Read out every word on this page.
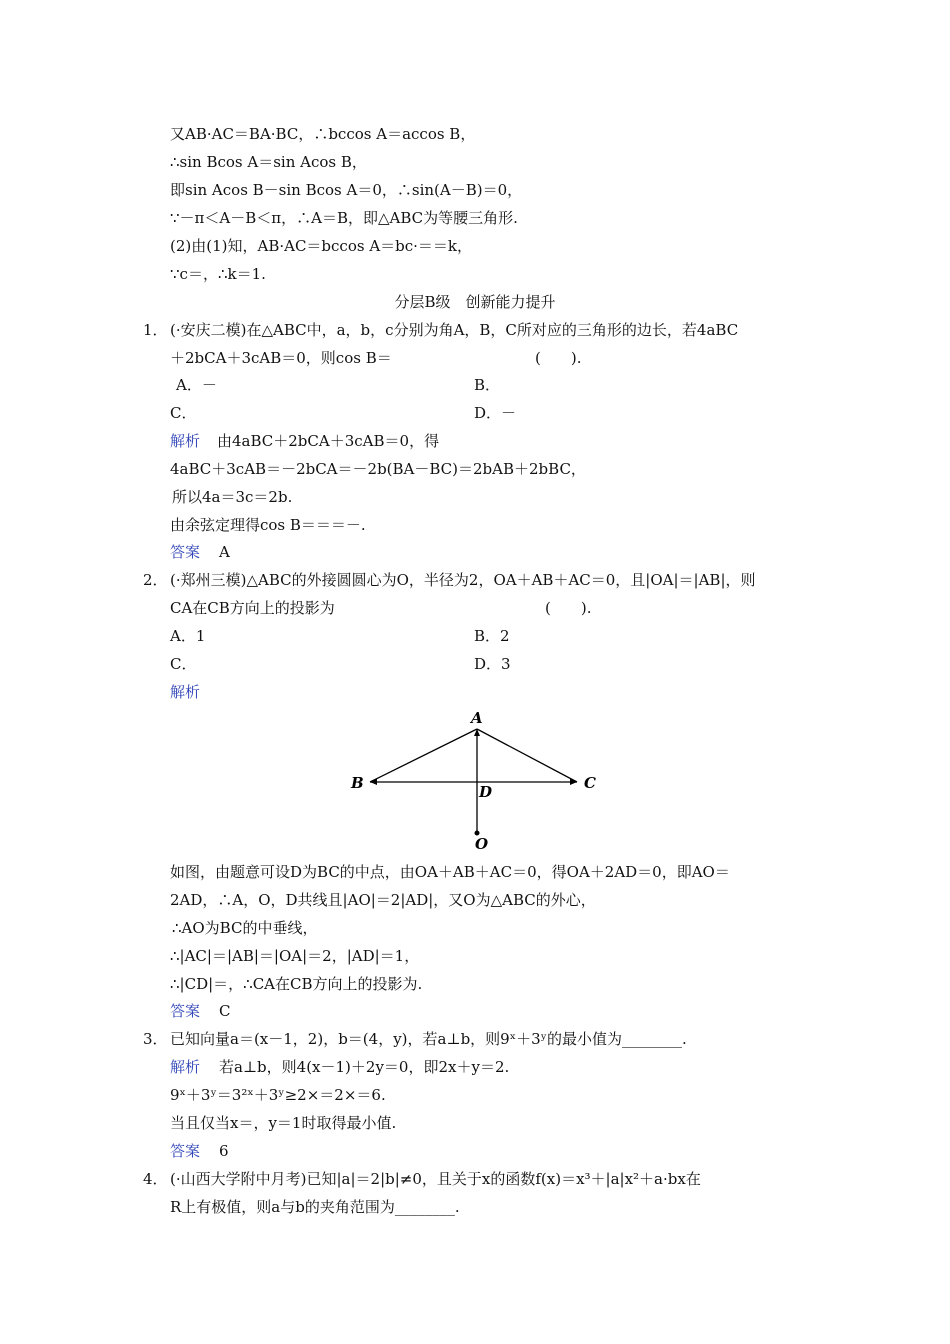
又AB·AC＝BA·BC，∴bccos A＝accos B，
∴sin Bcos A＝sin Acos B，
即sin Acos B－sin Bcos A＝0，∴sin(A－B)＝0，
∵－π＜A－B＜π，∴A＝B，即△ABC为等腰三角形.
(2)由(1)知，AB·AC＝bccos A＝bc·＝＝k，
∵c＝，∴k＝1.
分层B级　创新能力提升
1． (·安庆二模)在△ABC中，a，b，c分别为角A，B，C所对应的三角形的边长，若4aBC
＋2bCA＋3cAB＝0，则cos B＝	(　　).
A．－	B．
C．	D．－
解析 由4aBC＋2bCA＋3cAB＝0，得
4aBC＋3cAB＝－2bCA＝－2b(BA－BC)＝2bAB＋2bBC，
所以4a＝3c＝2b.
由余弦定理得cos B＝＝＝－.
答案 A
2． (·郑州三模)△ABC的外接圆圆心为O，半径为2，OA＋AB＋AC＝0，且|OA|＝|AB|，则
CA在CB方向上的投影为	(　　).
A．1	B．2
C．	D．3
解析
A
B	C
D
O
如图，由题意可设D为BC的中点，由OA＋AB＋AC＝0，得OA＋2AD＝0，即AO＝
2AD，∴A，O，D共线且|AO|＝2|AD|，又O为△ABC的外心，
∴AO为BC的中垂线，
∴|AC|＝|AB|＝|OA|＝2，|AD|＝1，
∴|CD|＝，∴CA在CB方向上的投影为.
答案 C
3． 已知向量a＝(x－1，2)，b＝(4，y)，若a⊥b，则9ˣ＋3ʸ的最小值为________.
解析 若a⊥b，则4(x－1)＋2y＝0，即2x＋y＝2.
9ˣ＋3ʸ＝3²ˣ＋3ʸ≥2×＝2×＝6.
当且仅当x＝，y＝1时取得最小值.
答案 6
4． (·山西大学附中月考)已知|a|＝2|b|≠0，且关于x的函数f(x)＝x³＋|a|x²＋a·bx在
R上有极值，则a与b的夹角范围为________.
